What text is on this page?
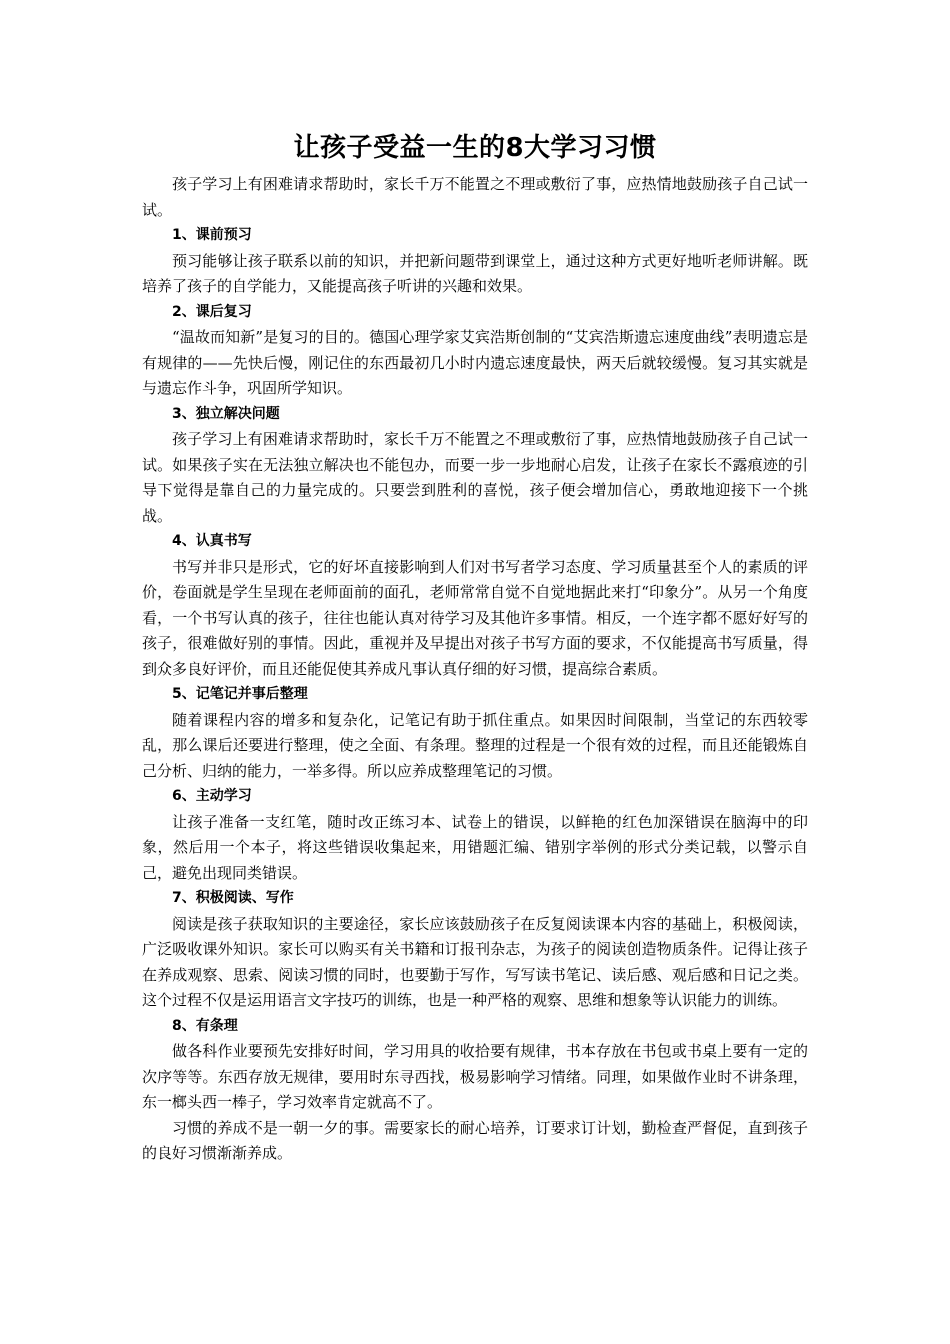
让孩子受益一生的8大学习习惯

孩子学习上有困难请求帮助时，家长千万不能置之不理或敷衍了事，应热情地鼓励孩子自己试一试。

1、课前预习

预习能够让孩子联系以前的知识，并把新问题带到课堂上，通过这种方式更好地听老师讲解。既培养了孩子的自学能力，又能提高孩子听讲的兴趣和效果。

2、课后复习

“温故而知新”是复习的目的。德国心理学家艾宾浩斯创制的“艾宾浩斯遗忘速度曲线”表明遗忘是有规律的——先快后慢，刚记住的东西最初几小时内遗忘速度最快，两天后就较缓慢。复习其实就是与遗忘作斗争，巩固所学知识。

3、独立解决问题

孩子学习上有困难请求帮助时，家长千万不能置之不理或敷衍了事，应热情地鼓励孩子自己试一试。如果孩子实在无法独立解决也不能包办，而要一步一步地耐心启发，让孩子在家长不露痕迹的引导下觉得是靠自己的力量完成的。只要尝到胜利的喜悦，孩子便会增加信心，勇敢地迎接下一个挑战。

4、认真书写

书写并非只是形式，它的好坏直接影响到人们对书写者学习态度、学习质量甚至个人的素质的评价，卷面就是学生呈现在老师面前的面孔，老师常常自觉不自觉地据此来打“印象分”。从另一个角度看，一个书写认真的孩子，往往也能认真对待学习及其他许多事情。相反，一个连字都不愿好好写的孩子，很难做好别的事情。因此，重视并及早提出对孩子书写方面的要求，不仅能提高书写质量，得到众多良好评价，而且还能促使其养成凡事认真仔细的好习惯，提高综合素质。

5、记笔记并事后整理

随着课程内容的增多和复杂化，记笔记有助于抓住重点。如果因时间限制，当堂记的东西较零乱，那么课后还要进行整理，使之全面、有条理。整理的过程是一个很有效的过程，而且还能锻炼自己分析、归纳的能力，一举多得。所以应养成整理笔记的习惯。

6、主动学习

让孩子准备一支红笔，随时改正练习本、试卷上的错误，以鲜艳的红色加深错误在脑海中的印象，然后用一个本子，将这些错误收集起来，用错题汇编、错别字举例的形式分类记载，以警示自己，避免出现同类错误。

7、积极阅读、写作

阅读是孩子获取知识的主要途径，家长应该鼓励孩子在反复阅读课本内容的基础上，积极阅读，广泛吸收课外知识。家长可以购买有关书籍和订报刊杂志，为孩子的阅读创造物质条件。记得让孩子在养成观察、思索、阅读习惯的同时，也要勤于写作，写写读书笔记、读后感、观后感和日记之类。这个过程不仅是运用语言文字技巧的训练，也是一种严格的观察、思维和想象等认识能力的训练。

8、有条理

做各科作业要预先安排好时间，学习用具的收拾要有规律，书本存放在书包或书桌上要有一定的次序等等。东西存放无规律，要用时东寻西找，极易影响学习情绪。同理，如果做作业时不讲条理，东一榔头西一棒子，学习效率肯定就高不了。

习惯的养成不是一朝一夕的事。需要家长的耐心培养，订要求订计划，勤检查严督促，直到孩子的良好习惯渐渐养成。
